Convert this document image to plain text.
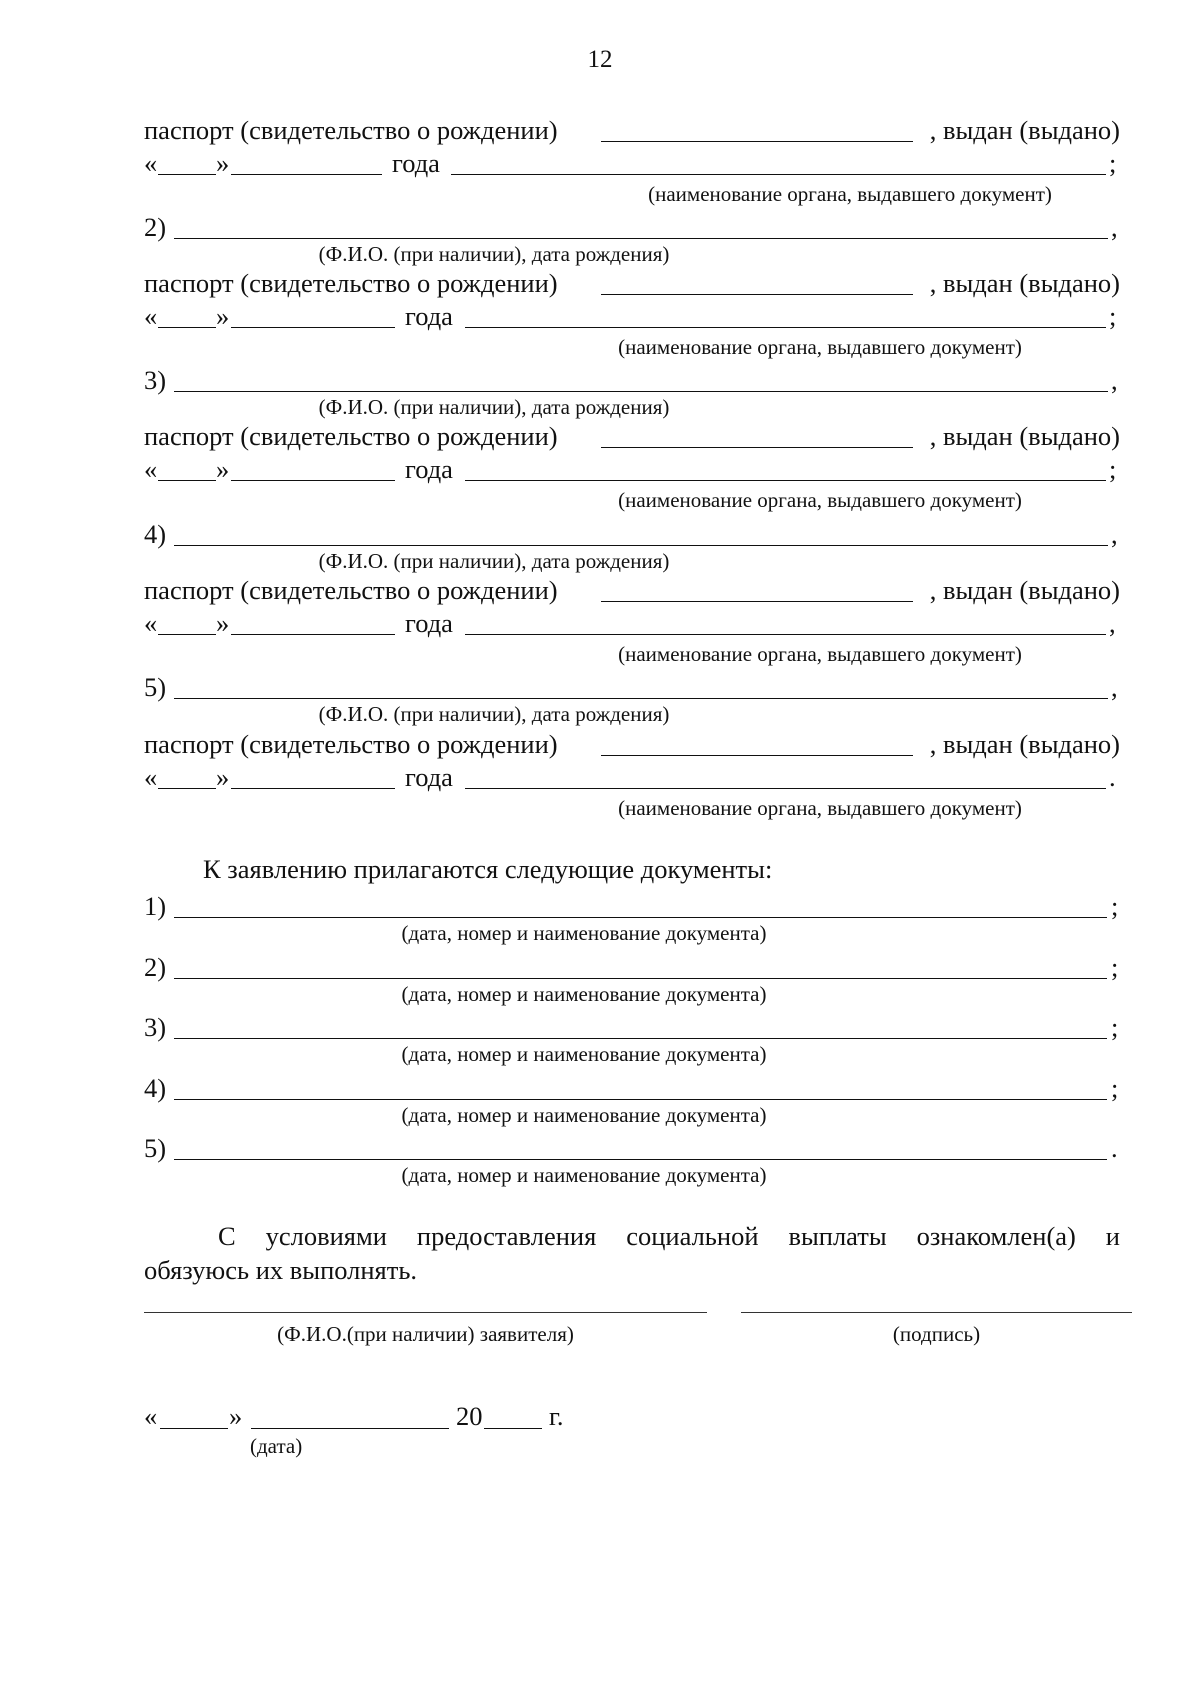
12
паспорт (свидетельство о рождении)	, выдан (выдано)
« »	года	;
(наименование органа, выдавшего документ)
2)	,
(Ф.И.О. (при наличии), дата рождения)
паспорт (свидетельство о рождении)	, выдан (выдано)
« »	года	;
(наименование органа, выдавшего документ)
3)	,
(Ф.И.О. (при наличии), дата рождения)
паспорт (свидетельство о рождении)	, выдан (выдано)
« »	года	;
(наименование органа, выдавшего документ)
4)	,
(Ф.И.О. (при наличии), дата рождения)
паспорт (свидетельство о рождении)	, выдан (выдано)
« »	года	,
(наименование органа, выдавшего документ)
5)	,
(Ф.И.О. (при наличии), дата рождения)
паспорт (свидетельство о рождении)	, выдан (выдано)
« »	года	.
(наименование органа, выдавшего документ)
К заявлению прилагаются следующие документы:
1)	;
(дата, номер и наименование документа)
2)	;
(дата, номер и наименование документа)
3)	;
(дата, номер и наименование документа)
4)	;
(дата, номер и наименование документа)
5)	.
(дата, номер и наименование документа)
С условиями предоставления социальной выплаты ознакомлен(а) и
обязуюсь их выполнять.
(Ф.И.О.(при наличии) заявителя)	(подпись)
«	»	20	г.
(дата)
